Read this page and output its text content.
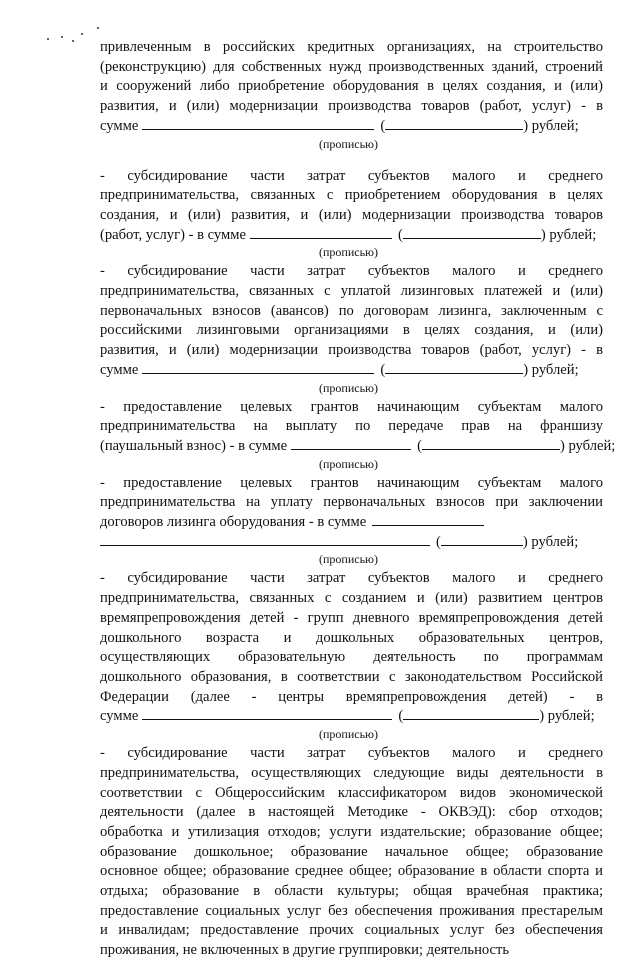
привлеченным в российских кредитных организациях, на строительство
(реконструкцию) для собственных нужд производственных зданий, строений
и сооружений либо приобретение оборудования в целях создания, и (или)
развития, и (или) модернизации производства товаров (работ, услуг) - в
сумме	(	) рублей;
(прописью)
- субсидирование части затрат субъектов малого и среднего
предпринимательства, связанных с приобретением оборудования в целях
создания, и (или) развития, и (или) модернизации производства товаров
(работ, услуг) - в сумме	(	) рублей;
(прописью)
- субсидирование части затрат субъектов малого и среднего
предпринимательства, связанных с уплатой лизинговых платежей и (или)
первоначальных взносов (авансов) по договорам лизинга, заключенным с
российскими лизинговыми организациями в целях создания, и (или)
развития, и (или) модернизации производства товаров (работ, услуг) - в
сумме	(	) рублей;
(прописью)
- предоставление целевых грантов начинающим субъектам малого
предпринимательства на выплату по передаче прав на франшизу
(паушальный взнос) - в сумме	(	) рублей;
(прописью)
- предоставление целевых грантов начинающим субъектам малого
предпринимательства на уплату первоначальных взносов при заключении
договоров лизинга оборудования - в сумме
(	) рублей;
(прописью)
- субсидирование части затрат субъектов малого и среднего
предпринимательства, связанных с созданием и (или) развитием центров
времяпрепровождения детей - групп дневного времяпрепровождения детей
дошкольного возраста и дошкольных образовательных центров,
осуществляющих образовательную деятельность по программам
дошкольного образования, в соответствии с законодательством Российской
Федерации (далее - центры времяпрепровождения детей) - в
сумме	(	) рублей;
(прописью)
- субсидирование части затрат субъектов малого и среднего
предпринимательства, осуществляющих следующие виды деятельности в
соответствии с Общероссийским классификатором видов экономической
деятельности (далее в настоящей Методике - ОКВЭД): сбор отходов;
обработка и утилизация отходов; услуги издательские; образование общее;
образование дошкольное; образование начальное общее; образование
основное общее; образование среднее общее; образование в области спорта и
отдыха; образование в области культуры; общая врачебная практика;
предоставление социальных услуг без обеспечения проживания престарелым
и инвалидам; предоставление прочих социальных услуг без обеспечения
проживания, не включенных в другие группировки; деятельность
